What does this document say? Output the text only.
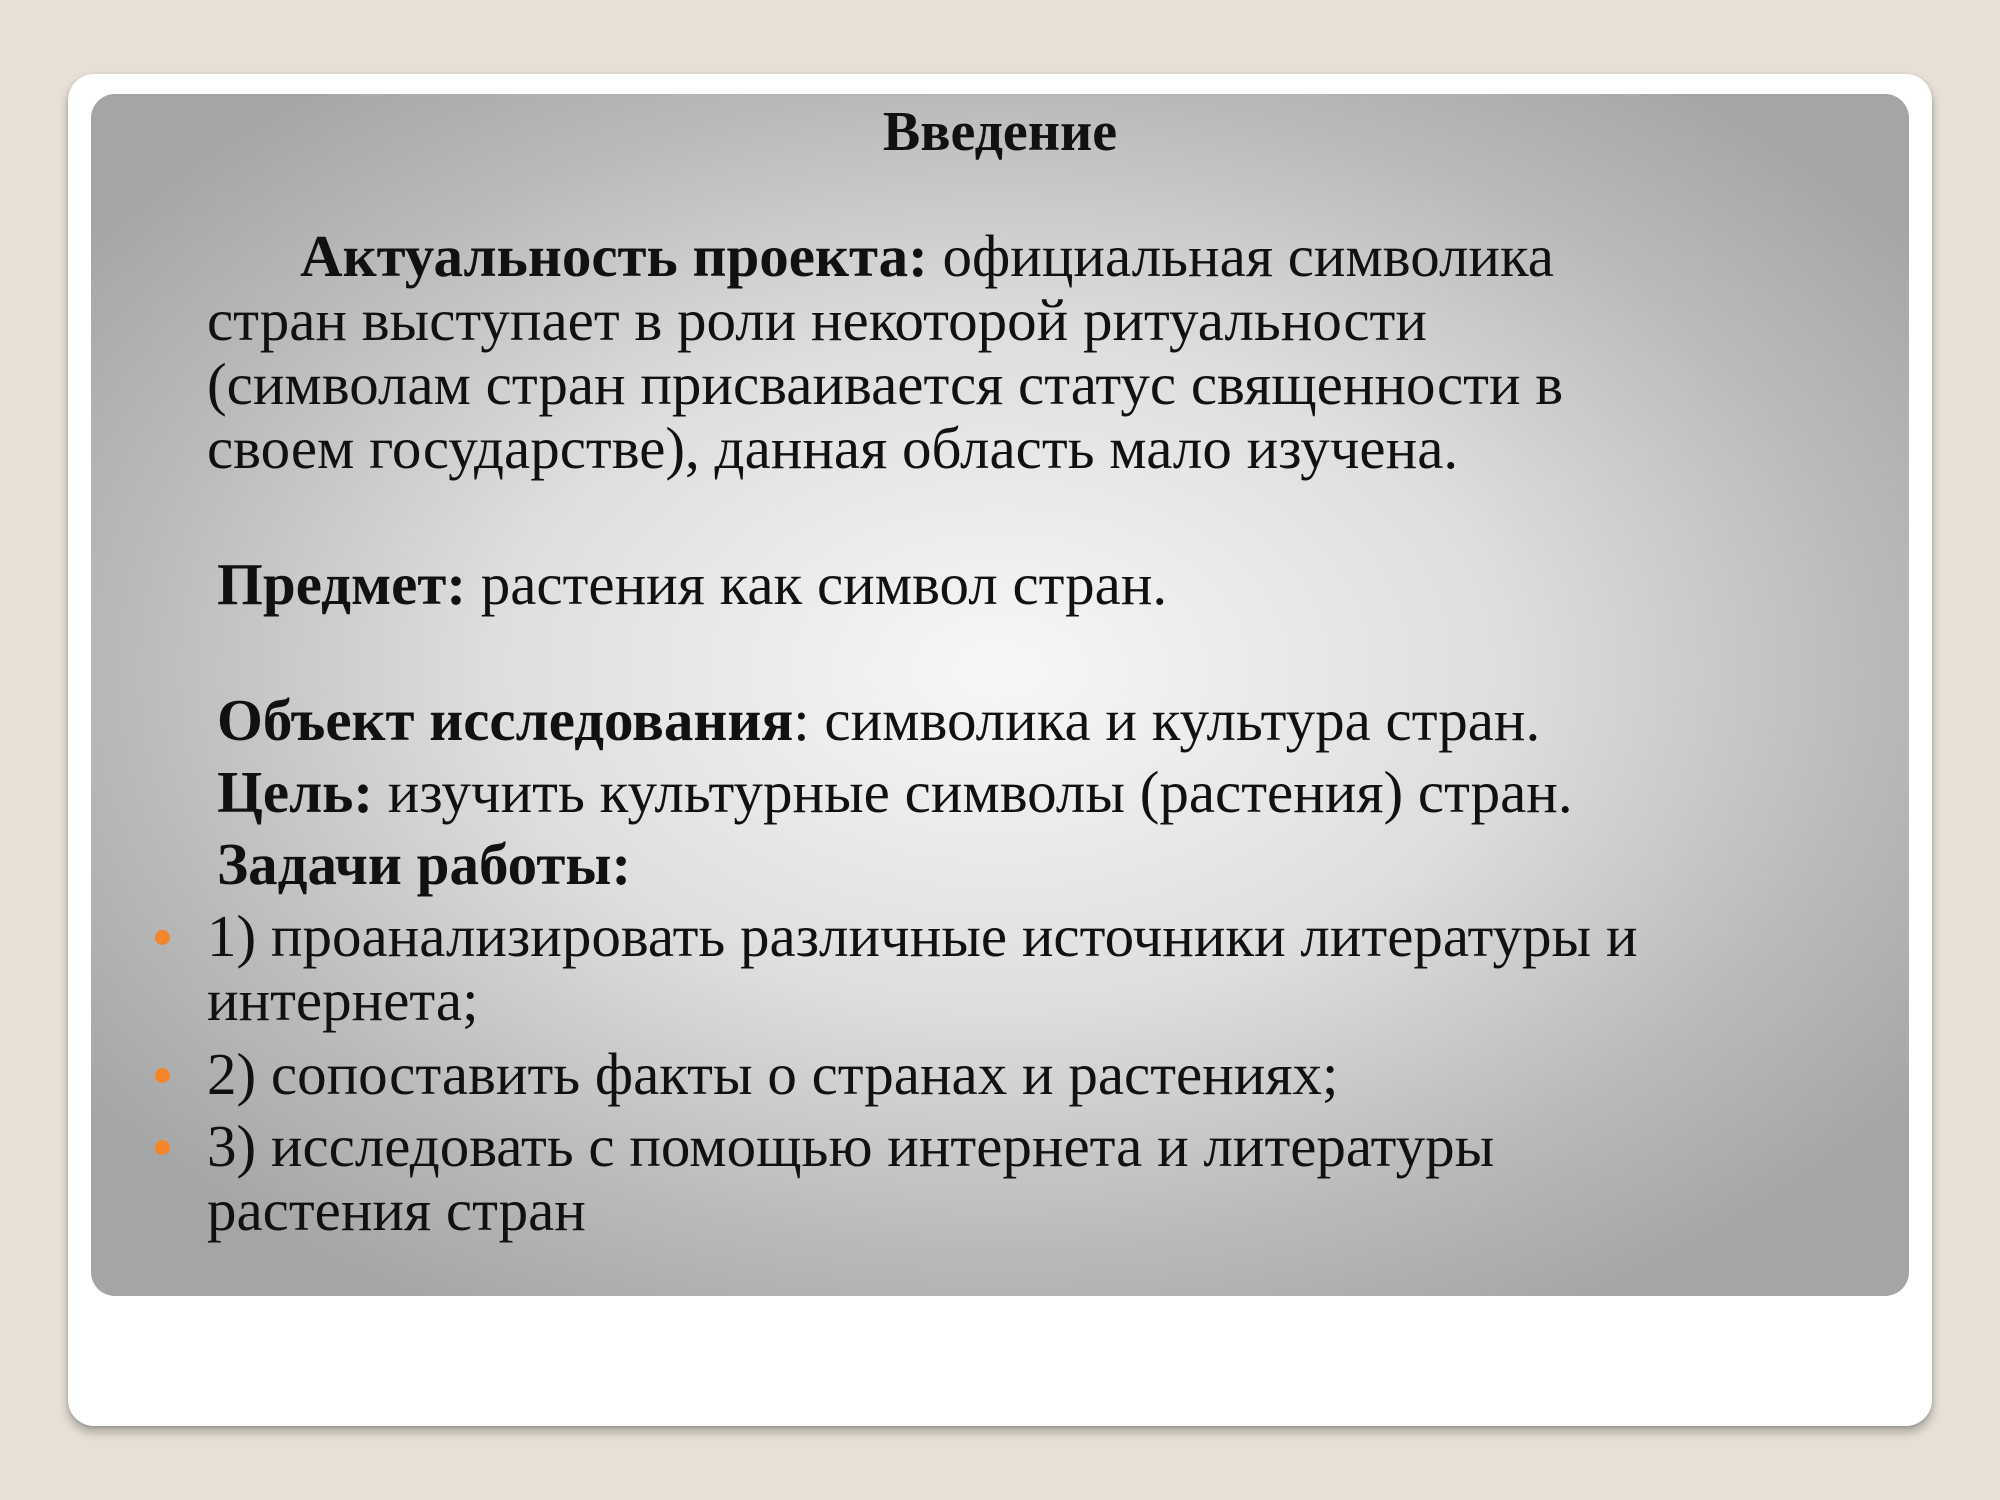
Введение
Актуальность проекта: официальная символика
стран выступает в роли некоторой ритуальности
(символам стран присваивается статус священности в
своем государстве), данная область мало изучена.
Предмет: растения как символ стран.
Объект исследования: символика и культура стран.
Цель: изучить культурные символы (растения) стран.
Задачи работы:
1) проанализировать различные источники литературы и
интернета;
2) сопоставить факты о странах и растениях;
3) исследовать с помощью интернета и литературы
растения стран
